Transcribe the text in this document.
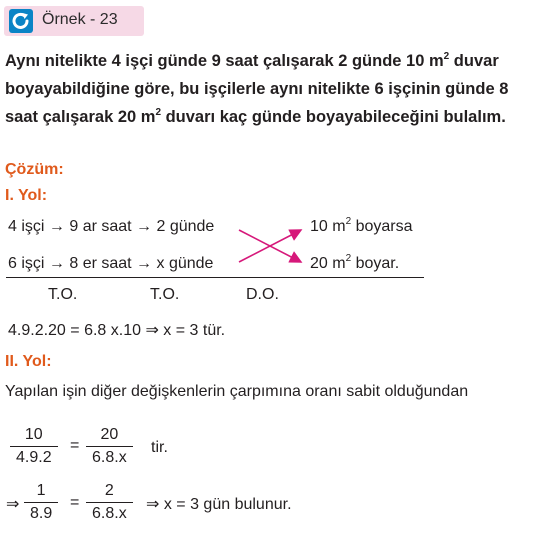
Örnek - 23
Aynı nitelikte 4 işçi günde 9 saat çalışarak 2 günde 10 $m^2$ duvar
boyayabildiğine göre, bu işçilerle aynı nitelikte 6 işçinin günde 8
saat çalışarak 20 $m^2$ duvarı kaç günde boyayabileceğini bulalım.
Çözüm:
I. Yol:
4 işçi → 9 ar saat → 2 günde	10 $m^2$ boyarsa
6 işçi → 8 er saat → x günde	20 $m^2$ boyar.
T.O.	T.O.	D.O.
4.9.2.20 = 6.8 x.10 ⇒ x = 3 tür.
II. Yol:
Yapılan işin diğer değişkenlerin çarpımına oranı sabit olduğundan
$\frac{10}{4.9.2} = \frac{20}{6.8.x}$ tir.
⇒ $\frac{1}{8.9} = \frac{2}{6.8.x}$ ⇒ x = 3 gün bulunur.
